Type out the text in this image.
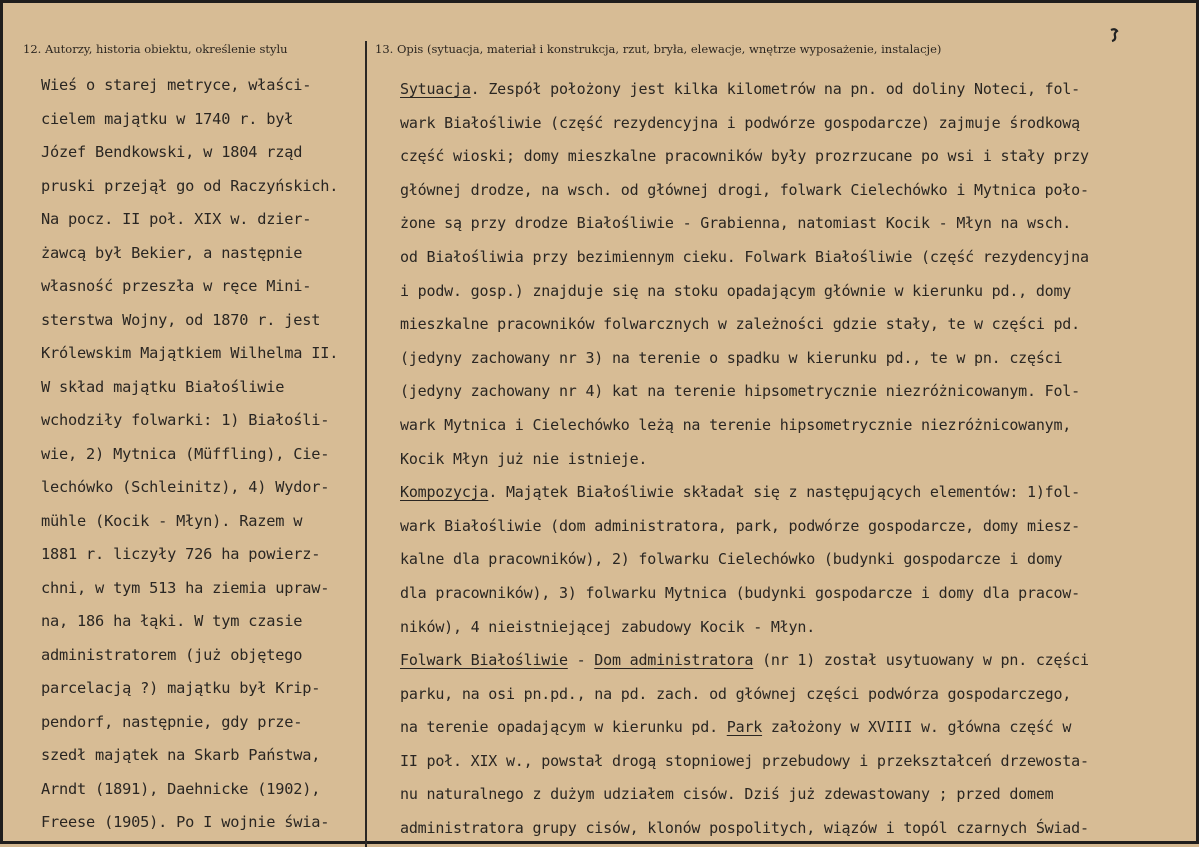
12. Autorzy, historia obiektu, określenie stylu	13. Opis (sytuacja, materiał i konstrukcja, rzut, bryła, elewacje, wnętrze wyposażenie, instalacje)
Wieś o starej metryce, właści-
cielem majątku w 1740 r. był
Józef Bendkowski, w 1804 rząd
pruski przejął go od Raczyńskich.
Na pocz. II poł. XIX w. dzier-
żawcą był Bekier, a następnie
własność przeszła w ręce Mini-
sterstwa Wojny, od 1870 r. jest
Królewskim Majątkiem Wilhelma II.
W skład majątku Białośliwie
wchodziły folwarki: 1) Białośli-
wie, 2) Mytnica (Müffling), Cie-
lechówko (Schleinitz), 4) Wydor-
mühle (Kocik - Młyn). Razem w
1881 r. liczyły 726 ha powierz-
chni, w tym 513 ha ziemia upraw-
na, 186 ha łąki. W tym czasie
administratorem (już objętego
parcelacją ?) majątku był Krip-
pendorf, następnie, gdy prze-
szedł majątek na Skarb Państwa,
Arndt (1891), Daehnicke (1902),
Freese (1905). Po I wojnie świa-
Sytuacja. Zespół położony jest kilka kilometrów na pn. od doliny Noteci, fol-
wark Białośliwie (część rezydencyjna i podwórze gospodarcze) zajmuje środkową
część wioski; domy mieszkalne pracowników były prozrzucane po wsi i stały przy
głównej drodze, na wsch. od głównej drogi, folwark Cielechówko i Mytnica poło-
żone są przy drodze Białośliwie - Grabienna, natomiast Kocik - Młyn na wsch.
od Białośliwia przy bezimiennym cieku. Folwark Białośliwie (część rezydencyjna
i podw. gosp.) znajduje się na stoku opadającym głównie w kierunku pd., domy
mieszkalne pracowników folwarcznych w zależności gdzie stały, te w części pd.
(jedyny zachowany nr 3) na terenie o spadku w kierunku pd., te w pn. części
(jedyny zachowany nr 4) kat na terenie hipsometrycznie niezróżnicowanym. Fol-
wark Mytnica i Cielechówko leżą na terenie hipsometrycznie niezróżnicowanym,
Kocik Młyn już nie istnieje.
Kompozycja. Majątek Białośliwie składał się z następujących elementów: 1)fol-
wark Białośliwie (dom administratora, park, podwórze gospodarcze, domy miesz-
kalne dla pracowników), 2) folwarku Cielechówko (budynki gospodarcze i domy
dla pracowników), 3) folwarku Mytnica (budynki gospodarcze i domy dla pracow-
ników), 4 nieistniejącej zabudowy Kocik - Młyn.
Folwark Białośliwie - Dom administratora (nr 1) został usytuowany w pn. części
parku, na osi pn.pd., na pd. zach. od głównej części podwórza gospodarczego,
na terenie opadającym w kierunku pd. Park założony w XVIII w. główna część w
II poł. XIX w., powstał drogą stopniowej przebudowy i przekształceń drzewosta-
nu naturalnego z dużym udziałem cisów. Dziś już zdewastowany ; przed domem
administratora grupy cisów, klonów pospolitych, wiązów i topól czarnych Świad-
